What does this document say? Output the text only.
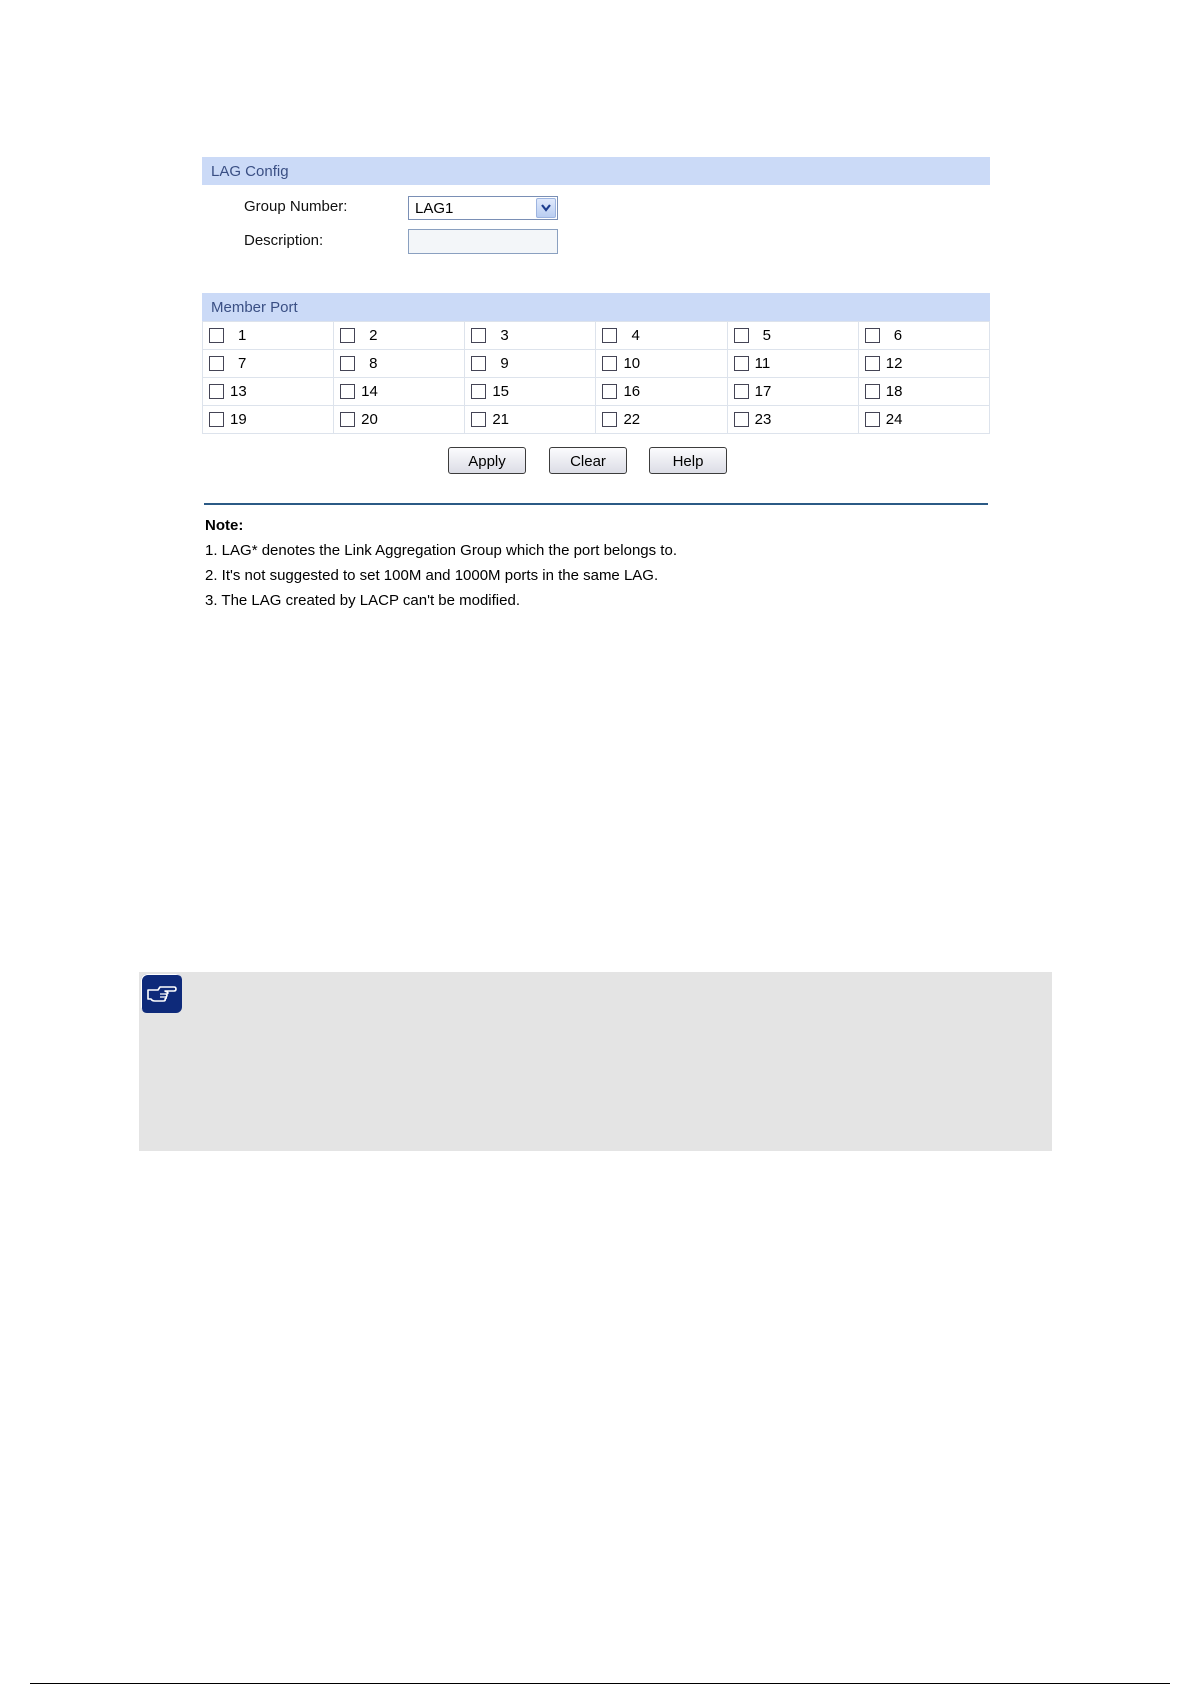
LAG Config
Group Number:	LAG1
Description:
Member Port
1	2	3	4	5	6

7	8	9	10	11	12

13	14	15	16	17	18

19	20	21	22	23	24
Apply	Clear	Help
Note:
1. LAG* denotes the Link Aggregation Group which the port belongs to.
2. It's not suggested to set 100M and 1000M ports in the same LAG.
3. The LAG created by LACP can't be modified.
